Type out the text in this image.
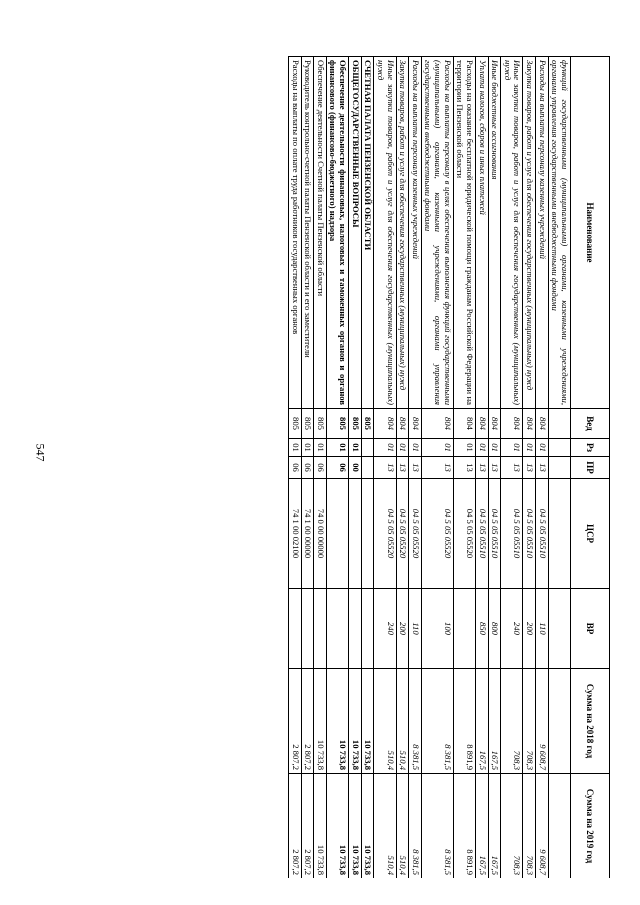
547
Наименование	Вед	Рз	ПР	ЦСР	ВР	Сумма на 2018 год	Сумма на 2019 год
функций государственными (муниципальными) органами, казенными учреждениями, органами управления государственными внебюджетными фондами							
Расходы на выплаты персоналу казенных учреждений	804	01	13	04 5 05 05510	110	9 608,7	9 608,7
Закупка товаров, работ и услуг для обеспечения государственных (муниципальных) нужд	804	01	13	04 5 05 05510	200	708,3	708,3
Иные закупки товаров, работ и услуг для обеспечения государственных (муниципальных) нужд	804	01	13	04 5 05 05510	240	708,3	708,3
Иные бюджетные ассигнования	804	01	13	04 5 05 05510	800	167,5	167,5
Уплата налогов, сборов и иных платежей	804	01	13	04 5 05 05510	850	167,5	167,5
Расходы на оказание бесплатной юридической помощи гражданам Российской Федерации на территории Пензенской области	804	01	13	04 5 05 05520		8 891,9	8 891,9
Расходы на выплаты персоналу в целях обеспечения выполнения функций государственными (муниципальными) органами, казенными учреждениями, органами управления государственными внебюджетными фондами	804	01	13	04 5 05 05520	100	8 381,5	8 381,5
Расходы на выплаты персоналу казенных учреждений	804	01	13	04 5 05 05520	110	8 381,5	8 381,5
Закупка товаров, работ и услуг для обеспечения государственных (муниципальных) нужд	804	01	13	04 5 05 05520	200	510,4	510,4
Иные закупки товаров, работ и услуг для обеспечения государственных (муниципальных) нужд	804	01	13	04 5 05 05520	240	510,4	510,4
СЧЕТНАЯ ПАЛАТА ПЕНЗЕНСКОЙ ОБЛАСТИ	805					10 733,8	10 733,8
ОБЩЕГОСУДАРСТВЕННЫЕ ВОПРОСЫ	805	01	00			10 733,8	10 733,8
Обеспечение деятельности финансовых, налоговых и таможенных органов и органов финансового (финансово-бюджетного) надзора	805	01	06			10 733,8	10 733,8
Обеспечение деятельности Счетной палаты Пензенской области	805	01	06	74 0 00 00000		10 733,8	10 733,8
Руководитель контрольно-счетной палаты Пензенской области и его заместители	805	01	06	74 1 00 00000		2 807,2	2 807,2
Расходы на выплаты по оплате труда работников государственных органов	805	01	06	74 1 00 02100		2 807,2	2 807,2
